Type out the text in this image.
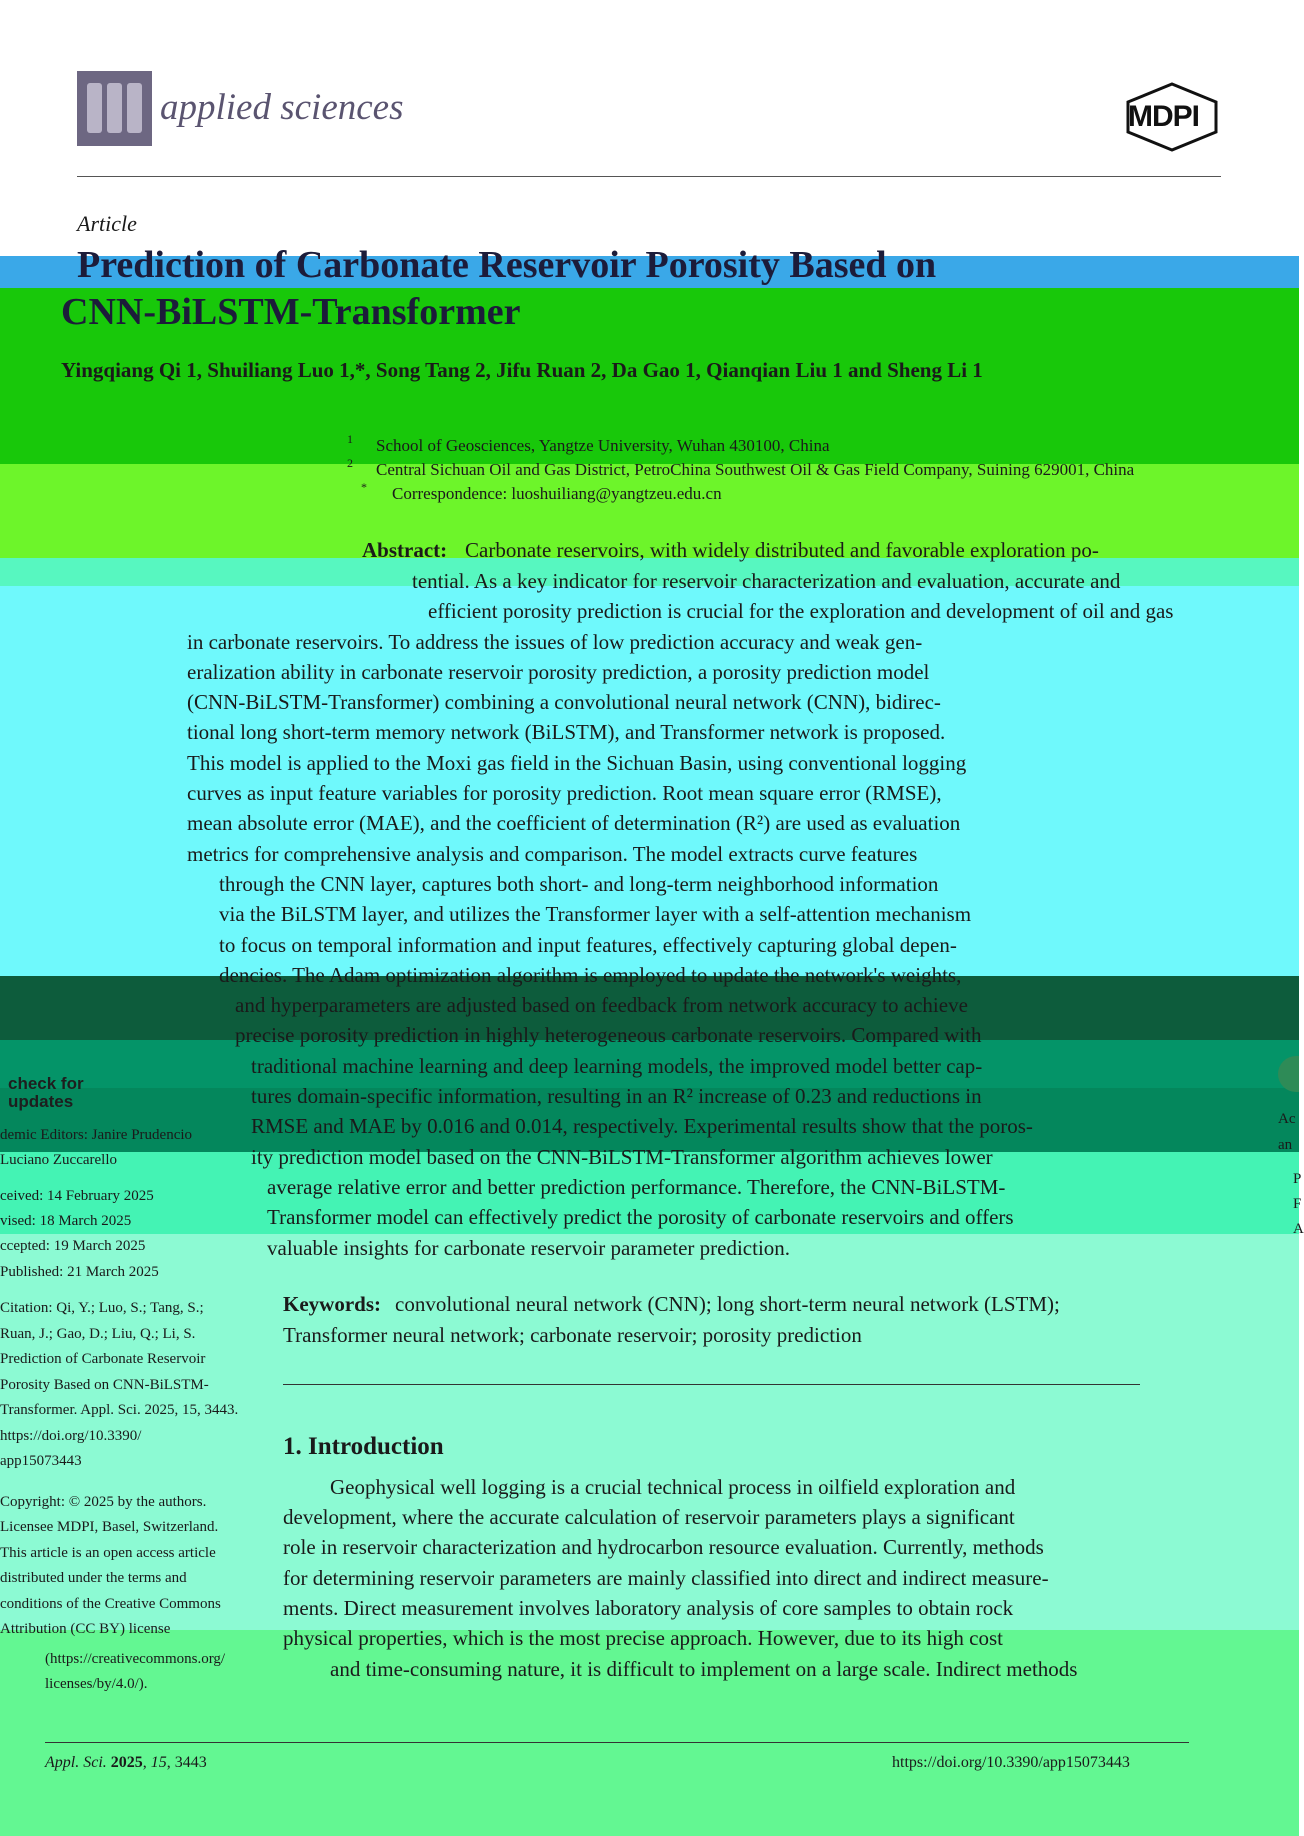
applied sciences	MDPI
Article
Prediction of Carbonate Reservoir Porosity Based on
CNN-BiLSTM-Transformer
Yingqiang Qi 1, Shuiliang Luo 1,*, Song Tang 2, Jifu Ruan 2, Da Gao 1, Qianqian Liu 1 and Sheng Li 1
1 School of Geosciences, Yangtze University, Wuhan 430100, China
2 Central Sichuan Oil and Gas District, PetroChina Southwest Oil & Gas Field Company, Suining 629001, China
* Correspondence: luoshuiliang@yangtzeu.edu.cn
Abstract: Carbonate reservoirs, with widely distributed and favorable exploration po-
tential. As a key indicator for reservoir characterization and evaluation, accurate and
efficient porosity prediction is crucial for the exploration and development of oil and gas
in carbonate reservoirs. To address the issues of low prediction accuracy and weak gen-
eralization ability in carbonate reservoir porosity prediction, a porosity prediction model
(CNN-BiLSTM-Transformer) combining a convolutional neural network (CNN), bidirec-
tional long short-term memory network (BiLSTM), and Transformer network is proposed.
This model is applied to the Moxi gas field in the Sichuan Basin, using conventional logging
curves as input feature variables for porosity prediction. Root mean square error (RMSE),
mean absolute error (MAE), and the coefficient of determination (R²) are used as evaluation
metrics for comprehensive analysis and comparison. The model extracts curve features
through the CNN layer, captures both short- and long-term neighborhood information
via the BiLSTM layer, and utilizes the Transformer layer with a self-attention mechanism
to focus on temporal information and input features, effectively capturing global depen-
dencies. The Adam optimization algorithm is employed to update the network's weights,
and hyperparameters are adjusted based on feedback from network accuracy to achieve
precise porosity prediction in highly heterogeneous carbonate reservoirs. Compared with
traditional machine learning and deep learning models, the improved model better cap-
tures domain-specific information, resulting in an R² increase of 0.23 and reductions in
RMSE and MAE by 0.016 and 0.014, respectively. Experimental results show that the poros-
ity prediction model based on the CNN-BiLSTM-Transformer algorithm achieves lower
average relative error and better prediction performance. Therefore, the CNN-BiLSTM-
Transformer model can effectively predict the porosity of carbonate reservoirs and offers
valuable insights for carbonate reservoir parameter prediction.
Keywords: convolutional neural network (CNN); long short-term neural network (LSTM);
Transformer neural network; carbonate reservoir; porosity prediction
check for
updates
demic Editors: Janire Prudencio
Luciano Zuccarello
ceived: 14 February 2025
vised: 18 March 2025
ccepted: 19 March 2025
Published: 21 March 2025
Citation: Qi, Y.; Luo, S.; Tang, S.;
Ruan, J.; Gao, D.; Liu, Q.; Li, S.
Prediction of Carbonate Reservoir
Porosity Based on CNN-BiLSTM-
Transformer. Appl. Sci. 2025, 15, 3443.
https://doi.org/10.3390/
app15073443
Copyright: © 2025 by the authors.
Licensee MDPI, Basel, Switzerland.
This article is an open access article
distributed under the terms and
conditions of the Creative Commons
Attribution (CC BY) license
(https://creativecommons.org/
licenses/by/4.0/).
Ac
an
P
F
A
1. Introduction
Geophysical well logging is a crucial technical process in oilfield exploration and
development, where the accurate calculation of reservoir parameters plays a significant
role in reservoir characterization and hydrocarbon resource evaluation. Currently, methods
for determining reservoir parameters are mainly classified into direct and indirect measure-
ments. Direct measurement involves laboratory analysis of core samples to obtain rock
physical properties, which is the most precise approach. However, due to its high cost
and time-consuming nature, it is difficult to implement on a large scale. Indirect methods
Appl. Sci. 2025, 15, 3443	https://doi.org/10.3390/app15073443
